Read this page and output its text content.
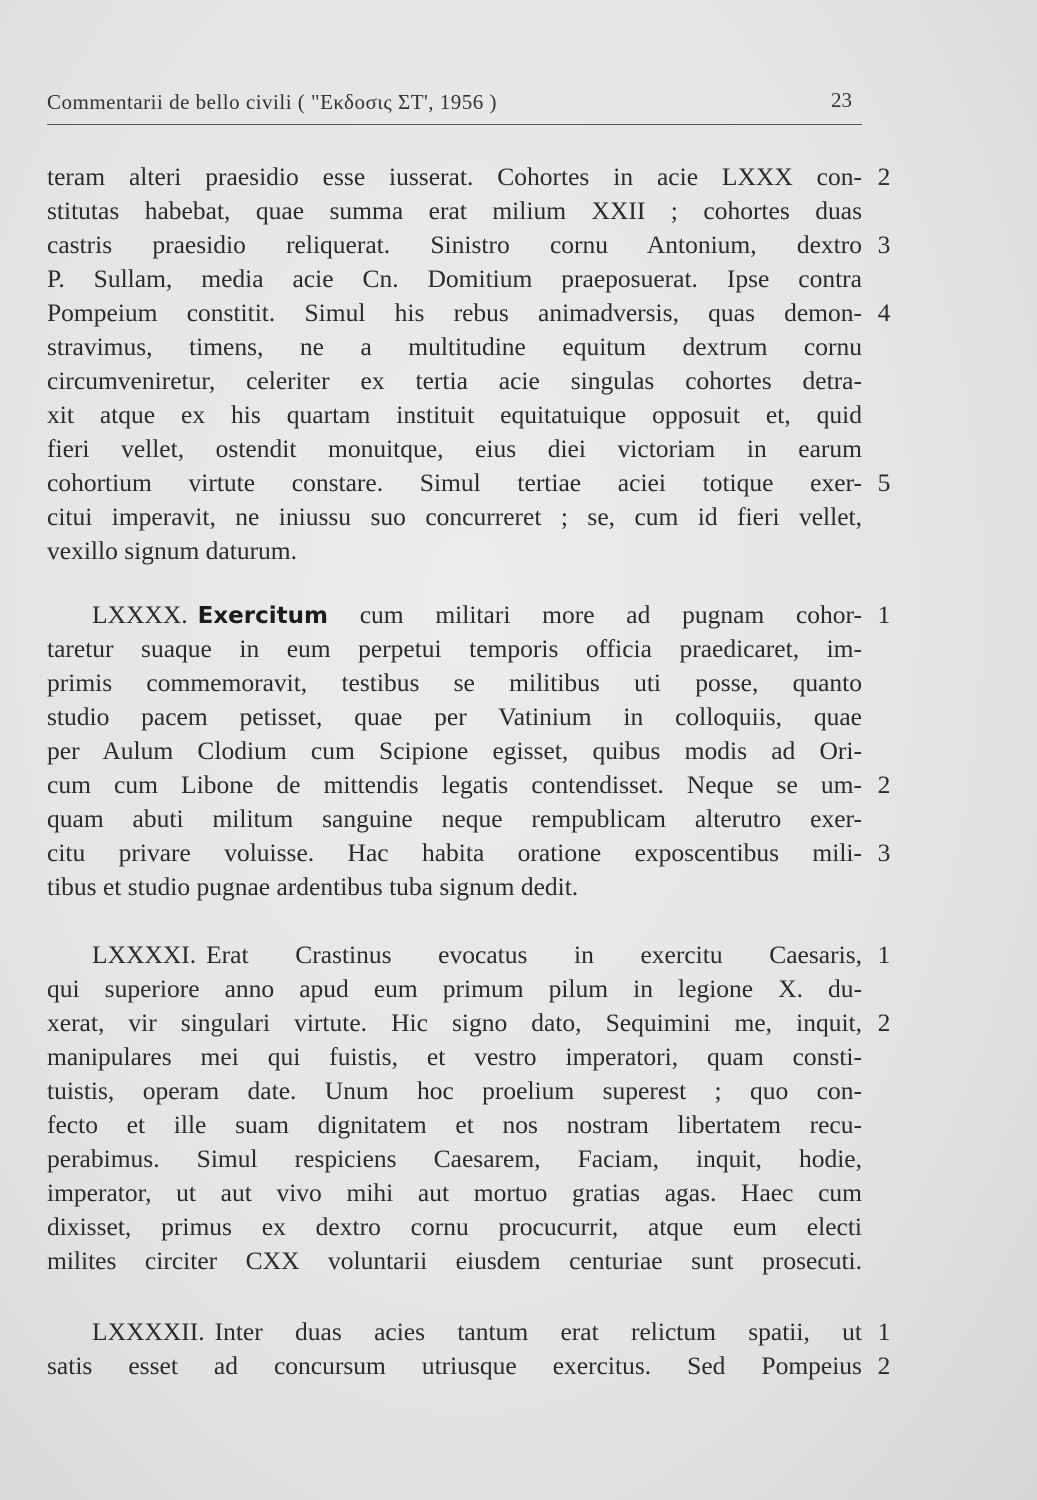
Commentarii de bello civili ( "Εκδοσις ΣΤ', 1956 )	23
teram alteri praesidio esse iusserat. Cohortes in acie LXXX con-
stitutas habebat, quae summa erat milium XXII ; cohortes duas
castris praesidio reliquerat. Sinistro cornu Antonium, dextro
P. Sullam, media acie Cn. Domitium praeposuerat. Ipse contra
Pompeium constitit. Simul his rebus animadversis, quas demon-
stravimus, timens, ne a multitudine equitum dextrum cornu
circumveniretur, celeriter ex tertia acie singulas cohortes detra-
xit atque ex his quartam instituit equitatuique opposuit et, quid
fieri vellet, ostendit monuitque, eius diei victoriam in earum
cohortium virtute constare. Simul tertiae aciei totique exer-
citui imperavit, ne iniussu suo concurreret ; se, cum id fieri vellet,
vexillo signum daturum.
2
3
4
5
LXXXX. Exercitum cum militari more ad pugnam cohor-
taretur suaque in eum perpetui temporis officia praedicaret, im-
primis commemoravit, testibus se militibus uti posse, quanto
studio pacem petisset, quae per Vatinium in colloquiis, quae
per Aulum Clodium cum Scipione egisset, quibus modis ad Ori-
cum cum Libone de mittendis legatis contendisset. Neque se um-
quam abuti militum sanguine neque rempublicam alterutro exer-
citu privare voluisse. Hac habita oratione exposcentibus mili-
tibus et studio pugnae ardentibus tuba signum dedit.
1
2
3
LXXXXI. Erat Crastinus evocatus in exercitu Caesaris,
qui superiore anno apud eum primum pilum in legione X. du-
xerat, vir singulari virtute. Hic signo dato, Sequimini me, inquit,
manipulares mei qui fuistis, et vestro imperatori, quam consti-
tuistis, operam date. Unum hoc proelium superest ; quo con-
fecto et ille suam dignitatem et nos nostram libertatem recu-
perabimus. Simul respiciens Caesarem, Faciam, inquit, hodie,
imperator, ut aut vivo mihi aut mortuo gratias agas. Haec cum
dixisset, primus ex dextro cornu procucurrit, atque eum electi
milites circiter CXX voluntarii eiusdem centuriae sunt prosecuti.
1
2
LXXXXII. Inter duas acies tantum erat relictum spatii, ut
satis esset ad concursum utriusque exercitus. Sed Pompeius
1
2
